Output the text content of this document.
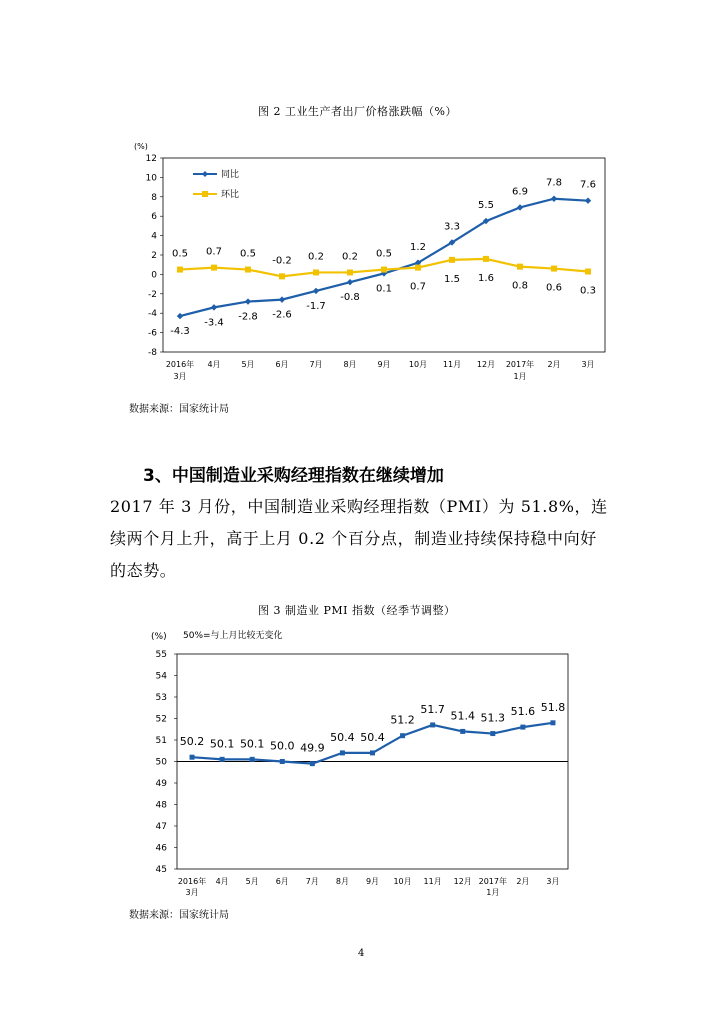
图 2 工业生产者出厂价格涨跌幅（%）
(%)
-8
-6
-4
-2
0
2
4
6
8
10
12
同比
环比
-4.3
-3.4
-2.8 -2.6
-1.7
-0.8
0.1
1.2
3.3
5.5
6.9
7.8 7.6
0.5 0.7 0.5
-0.2 0.2 0.2 0.5
0.7
1.5 1.6
0.8 0.6 0.3
2016年
3月
4月	5月	6月	7月	8月	9月 10月 11月 12月 2017年
1月
2月	3月
数据来源：国家统计局
3、中国制造业采购经理指数在继续增加
2017 年 3 月份，中国制造业采购经理指数（PMI）为 51.8%，连
续两个月上升，高于上月 0.2 个百分点，制造业持续保持稳中向好
的态势。
图 3 制造业 PMI 指数（经季节调整）
(%) 50%=与上月比较无变化
45
46
47
48
49
50
51
52
53
54
55
50.2 50.1 50.1 50.0 49.9
50.4 50.4
51.2
51.7 51.4 51.3 51.6 51.8
2016年
3月
4月 5月 6月 7月 8月 9月 10月 11月 12月 2017年
1月
2月 3月
数据来源：国家统计局
4
